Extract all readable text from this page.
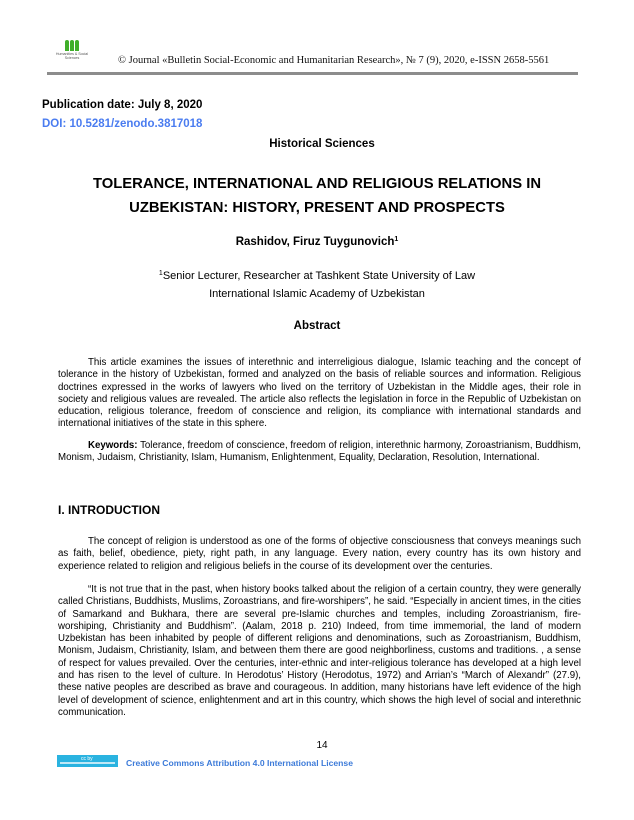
Humanities & Social Sciences	© Journal «Bulletin Social-Economic and Humanitarian Research», № 7 (9), 2020, e-ISSN 2658-5561
Publication date: July 8, 2020
DOI: 10.5281/zenodo.3817018
Historical Sciences
TOLERANCE, INTERNATIONAL AND RELIGIOUS RELATIONS IN
UZBEKISTAN: HISTORY, PRESENT AND PROSPECTS
Rashidov, Firuz Tuygunovich$^1$
$^1$Senior Lecturer, Researcher at Tashkent State University of Law
International Islamic Academy of Uzbekistan
Abstract
This article examines the issues of interethnic and interreligious dialogue, Islamic teaching and the concept of tolerance in the history of Uzbekistan, formed and analyzed on the basis of reliable sources and information. Religious doctrines expressed in the works of lawyers who lived on the territory of Uzbekistan in the Middle ages, their role in society and religious values are revealed. The article also reflects the legislation in force in the Republic of Uzbekistan on education, religious tolerance, freedom of conscience and religion, its compliance with international standards and international initiatives of the state in this sphere.
Keywords: Tolerance, freedom of conscience, freedom of religion, interethnic harmony, Zoroastrianism, Buddhism, Monism, Judaism, Christianity, Islam, Humanism, Enlightenment, Equality, Declaration, Resolution, International.
I. INTRODUCTION
The concept of religion is understood as one of the forms of objective consciousness that conveys meanings such as faith, belief, obedience, piety, right path, in any language. Every nation, every country has its own history and experience related to religion and religious beliefs in the course of its development over the centuries.
“It is not true that in the past, when history books talked about the religion of a certain country, they were generally called Christians, Buddhists, Muslims, Zoroastrians, and fire-worshipers”, he said. “Especially in ancient times, in the cities of Samarkand and Bukhara, there are several pre-Islamic churches and temples, including Zoroastrianism, fire-worshiping, Christianity and Buddhism”. (Aalam, 2018 p. 210) Indeed, from time immemorial, the land of modern Uzbekistan has been inhabited by people of different religions and denominations, such as Zoroastrianism, Buddhism, Monism, Judaism, Christianity, Islam, and between them there are good neighborliness, customs and traditions. , a sense of respect for values prevailed. Over the centuries, inter-ethnic and inter-religious tolerance has developed at a high level and has risen to the level of culture. In Herodotus’ History (Herodotus, 1972) and Arrian’s “March of Alexandr” (27.9), these native peoples are described as brave and courageous. In addition, many historians have left evidence of the high level of development of science, enlightenment and art in this country, which shows the high level of social and interethnic communication.
14
cc by	Creative Commons Attribution 4.0 International License
